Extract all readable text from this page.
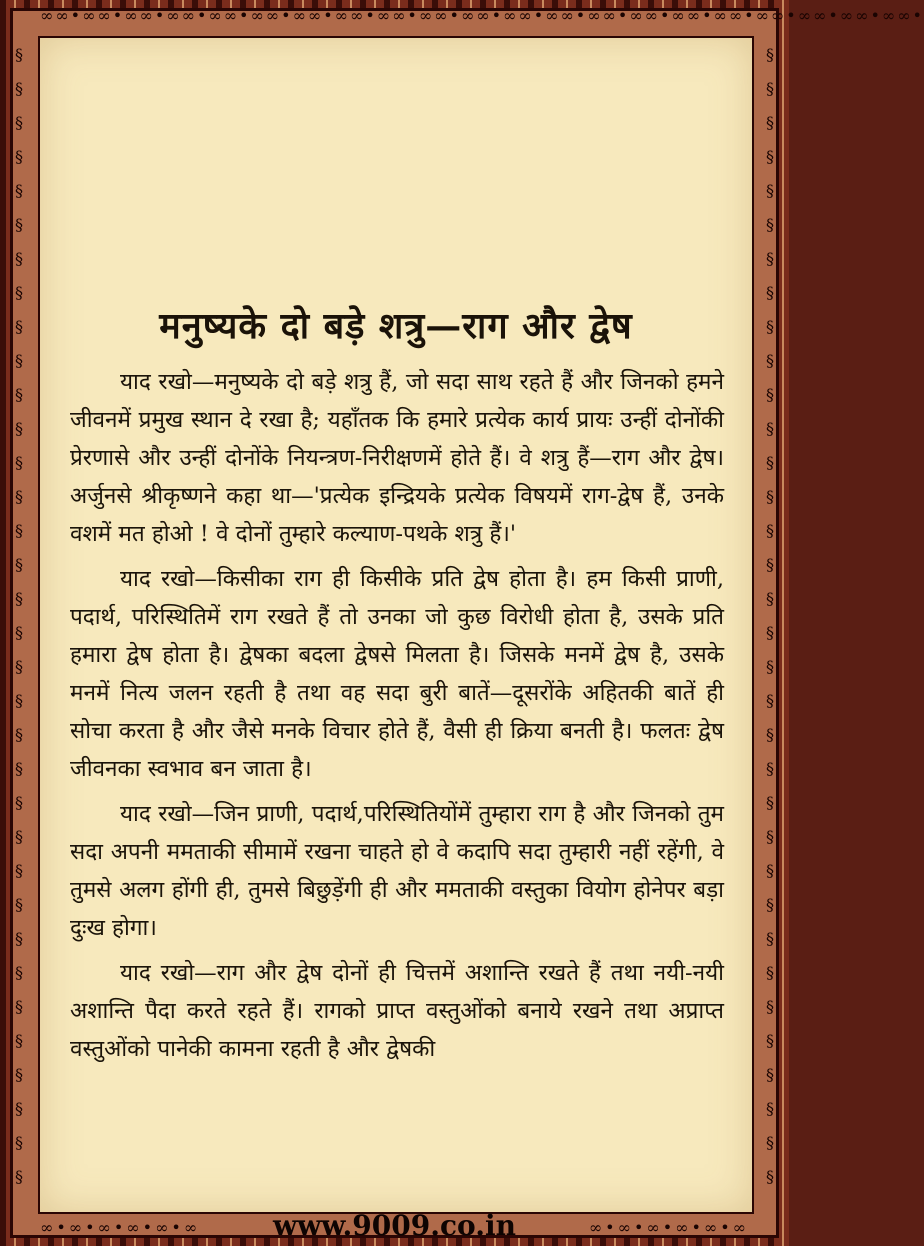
∞∞•∞∞•∞∞•∞∞•∞∞•∞∞•∞∞•∞∞•∞∞•∞∞•∞∞•∞∞•∞∞•∞∞•∞∞•∞∞•∞∞•∞∞•∞∞•∞∞•∞∞•
§
§
§
§
§
§
§
§
§
§
§
§
§
§
§
§
§
§
§
§
§
§
§
§
§
§
§
§
§
§
§
§
§
§
§
§
§
§
§
§
§
§
§
§
§
§
§
§
§
§
§
§
§
§
§
§
§
§
§
§
§
§
§
§
§
§
§
§
मनुष्यके दो बड़े शत्रु—राग और द्वेष

याद रखो—मनुष्यके दो बड़े शत्रु हैं, जो सदा साथ रहते हैं और जिनको हमने जीवनमें प्रमुख स्थान दे रखा है; यहाँतक कि हमारे प्रत्येक कार्य प्रायः उन्हीं दोनोंकी प्रेरणासे और उन्हीं दोनोंके नियन्त्रण-निरीक्षणमें होते हैं। वे शत्रु हैं—राग और द्वेष। अर्जुनसे श्रीकृष्णने कहा था—'प्रत्येक इन्द्रियके प्रत्येक विषयमें राग-द्वेष हैं, उनके वशमें मत होओ ! वे दोनों तुम्हारे कल्याण-पथके शत्रु हैं।'

याद रखो—किसीका राग ही किसीके प्रति द्वेष होता है। हम किसी प्राणी, पदार्थ, परिस्थितिमें राग रखते हैं तो उनका जो कुछ विरोधी होता है, उसके प्रति हमारा द्वेष होता है। द्वेषका बदला द्वेषसे मिलता है। जिसके मनमें द्वेष है, उसके मनमें नित्य जलन रहती है तथा वह सदा बुरी बातें—दूसरोंके अहितकी बातें ही सोचा करता है और जैसे मनके विचार होते हैं, वैसी ही क्रिया बनती है। फलतः द्वेष जीवनका स्वभाव बन जाता है।

याद रखो—जिन प्राणी, पदार्थ,परिस्थितियोंमें तुम्हारा राग है और जिनको तुम सदा अपनी ममताकी सीमामें रखना चाहते हो वे कदापि सदा तुम्हारी नहीं रहेंगी, वे तुमसे अलग होंगी ही, तुमसे बिछुड़ेंगी ही और ममताकी वस्तुका वियोग होनेपर बड़ा दुःख होगा।

याद रखो—राग और द्वेष दोनों ही चित्तमें अशान्ति रखते हैं तथा नयी-नयी अशान्ति पैदा करते रहते हैं। रागको प्राप्त वस्तुओंको बनाये रखने तथा अप्राप्त वस्तुओंको पानेकी कामना रहती है और द्वेषकी

∞•∞•∞•∞•∞•∞	∞•∞•∞•∞•∞•∞
www.9009.co.in
